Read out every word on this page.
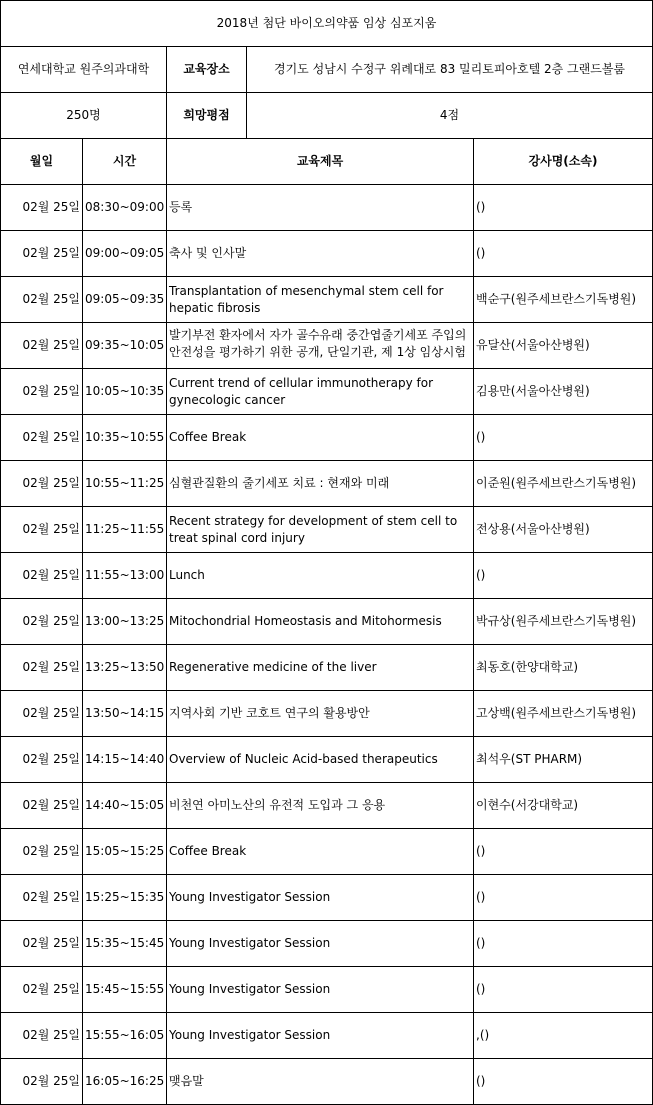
2018년 첨단 바이오의약품 임상 심포지움				
연세대학교 원주의과대학		교육장소	경기도 성남시 수정구 위례대로 83 밀리토피아호텔 2층 그랜드볼룸	
250명		희망평점	4점	
월일	시간	교육제목		강사명(소속)
02월 25일	08:30~09:00	등록		()
02월 25일	09:00~09:05	축사 및 인사말		()
02월 25일	09:05~09:35	Transplantation of mesenchymal stem cell for hepatic fibrosis		백순구(원주세브란스기독병원)
02월 25일	09:35~10:05	발기부전 환자에서 자가 골수유래 중간엽줄기세포 주입의 안전성을 평가하기 위한 공개, 단일기관, 제 1상 임상시험		유달산(서울아산병원)
02월 25일	10:05~10:35	Current trend of cellular immunotherapy for gynecologic cancer		김용만(서울아산병원)
02월 25일	10:35~10:55	Coffee Break		()
02월 25일	10:55~11:25	심혈관질환의 줄기세포 치료 : 현재와 미래		이준원(원주세브란스기독병원)
02월 25일	11:25~11:55	Recent strategy for development of stem cell to treat spinal cord injury		전상용(서울아산병원)
02월 25일	11:55~13:00	Lunch		()
02월 25일	13:00~13:25	Mitochondrial Homeostasis and Mitohormesis		박규상(원주세브란스기독병원)
02월 25일	13:25~13:50	Regenerative medicine of the liver		최동호(한양대학교)
02월 25일	13:50~14:15	지역사회 기반 코호트 연구의 활용방안		고상백(원주세브란스기독병원)
02월 25일	14:15~14:40	Overview of Nucleic Acid-based therapeutics		최석우(ST PHARM)
02월 25일	14:40~15:05	비천연 아미노산의 유전적 도입과 그 응용		이현수(서강대학교)
02월 25일	15:05~15:25	Coffee Break		()
02월 25일	15:25~15:35	Young Investigator Session		()
02월 25일	15:35~15:45	Young Investigator Session		()
02월 25일	15:45~15:55	Young Investigator Session		()
02월 25일	15:55~16:05	Young Investigator Session		,()
02월 25일	16:05~16:25	맺음말		()
